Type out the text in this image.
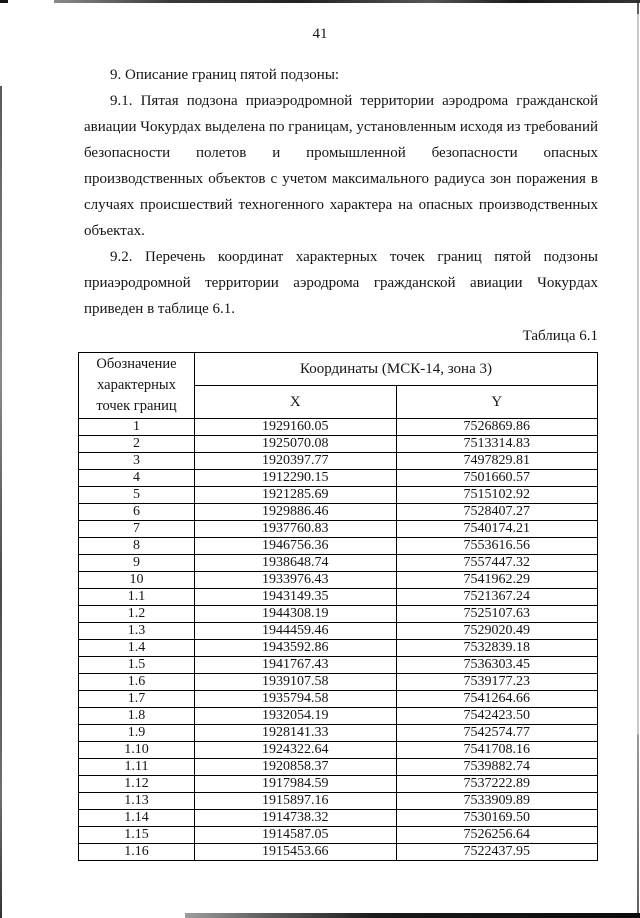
41

9. Описание границ пятой подзоны:

9.1. Пятая подзона приаэродромной территории аэродрома гражданской авиации Чокурдах выделена по границам, установленным исходя из требований безопасности полетов и промышленной безопасности опасных производственных объектов с учетом максимального радиуса зон поражения в случаях происшествий техногенного характера на опасных производственных объектах.

9.2. Перечень координат характерных точек границ пятой подзоны приаэродромной территории аэродрома гражданской авиации Чокурдах приведен в таблице 6.1.

Таблица 6.1
Обозначение характерных точек границ	Координаты (МСК-14, зона 3)	
	X	Y
1	1929160.05	7526869.86
2	1925070.08	7513314.83
3	1920397.77	7497829.81
4	1912290.15	7501660.57
5	1921285.69	7515102.92
6	1929886.46	7528407.27
7	1937760.83	7540174.21
8	1946756.36	7553616.56
9	1938648.74	7557447.32
10	1933976.43	7541962.29
1.1	1943149.35	7521367.24
1.2	1944308.19	7525107.63
1.3	1944459.46	7529020.49
1.4	1943592.86	7532839.18
1.5	1941767.43	7536303.45
1.6	1939107.58	7539177.23
1.7	1935794.58	7541264.66
1.8	1932054.19	7542423.50
1.9	1928141.33	7542574.77
1.10	1924322.64	7541708.16
1.11	1920858.37	7539882.74
1.12	1917984.59	7537222.89
1.13	1915897.16	7533909.89
1.14	1914738.32	7530169.50
1.15	1914587.05	7526256.64
1.16	1915453.66	7522437.95
